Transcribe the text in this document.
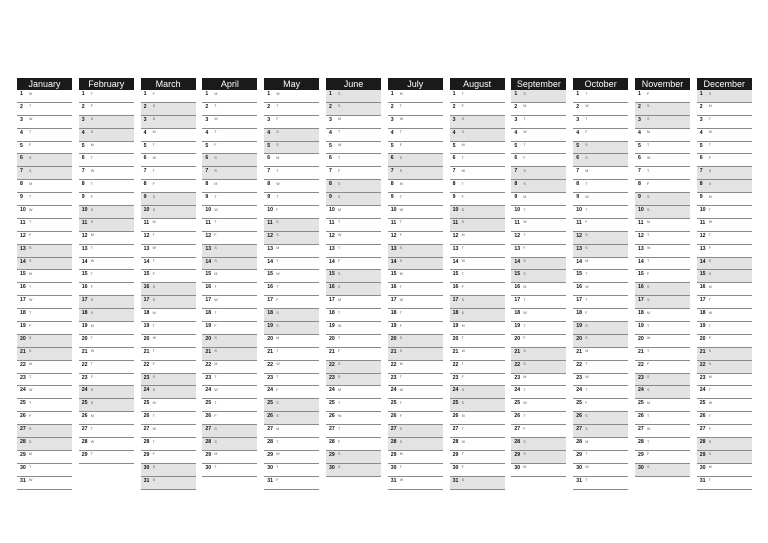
January
1 M
2 T
3 W
4 T
5 F
6 S
7 S
8 M
9 T
10 W
11 T
12 F
13 S
14 S
15 M
16 T
17 W
18 T
19 F
20 S
21 S
22 M
23 T
24 W
25 T
26 F
27 S
28 S
29 M
30 T
31 W
February
1 T
2 F
3 S
4 S
5 M
6 T
7 W
8 T
9 F
10 S
11 S
12 M
13 T
14 W
15 T
16 F
17 S
18 S
19 M
20 T
21 W
22 T
23 F
24 S
25 S
26 M
27 T
28 W
29 T
March
1 F
2 S
3 S
4 M
5 T
6 W
7 T
8 F
9 S
10 S
11 M
12 T
13 W
14 T
15 F
16 S
17 S
18 M
19 T
20 W
21 T
22 F
23 S
24 S
25 M
26 T
27 W
28 T
29 F
30 S
31 S
April
1 M
2 T
3 W
4 T
5 F
6 S
7 S
8 M
9 T
10 W
11 T
12 F
13 S
14 S
15 M
16 T
17 W
18 T
19 F
20 S
21 S
22 M
23 T
24 W
25 T
26 F
27 S
28 S
29 M
30 T
May
1 W
2 T
3 F
4 S
5 S
6 M
7 T
8 W
9 T
10 F
11 S
12 S
13 M
14 T
15 W
16 T
17 F
18 S
19 S
20 M
21 T
22 W
23 T
24 F
25 S
26 S
27 M
28 T
29 W
30 T
31 F
June
1 S
2 S
3 M
4 T
5 W
6 T
7 F
8 S
9 S
10 M
11 T
12 W
13 T
14 F
15 S
16 S
17 M
18 T
19 W
20 T
21 F
22 S
23 S
24 M
25 T
26 W
27 T
28 F
29 S
30 S
July
1 M
2 T
3 W
4 T
5 F
6 S
7 S
8 M
9 T
10 W
11 T
12 F
13 S
14 S
15 M
16 T
17 W
18 T
19 F
20 S
21 S
22 M
23 T
24 W
25 T
26 F
27 S
28 S
29 M
30 T
31 W
August
1 T
2 F
3 S
4 S
5 M
6 T
7 W
8 T
9 F
10 S
11 S
12 M
13 T
14 W
15 T
16 F
17 S
18 S
19 M
20 T
21 W
22 T
23 F
24 S
25 S
26 M
27 T
28 W
29 T
30 F
31 S
September
1 S
2 M
3 T
4 W
5 T
6 F
7 S
8 S
9 M
10 T
11 W
12 T
13 F
14 S
15 S
16 M
17 T
18 W
19 T
20 F
21 S
22 S
23 M
24 T
25 W
26 T
27 F
28 S
29 S
30 M
October
1 T
2 W
3 T
4 F
5 S
6 S
7 M
8 T
9 W
10 T
11 F
12 S
13 S
14 M
15 T
16 W
17 T
18 F
19 S
20 S
21 M
22 T
23 W
24 T
25 F
26 S
27 S
28 M
29 T
30 W
31 T
November
1 F
2 S
3 S
4 M
5 T
6 W
7 T
8 F
9 S
10 S
11 M
12 T
13 W
14 T
15 F
16 S
17 S
18 M
19 T
20 W
21 T
22 F
23 S
24 S
25 M
26 T
27 W
28 T
29 F
30 S
December
1 S
2 M
3 T
4 W
5 T
6 F
7 S
8 S
9 M
10 T
11 W
12 T
13 F
14 S
15 S
16 M
17 T
18 W
19 T
20 F
21 S
22 S
23 M
24 T
25 W
26 T
27 F
28 S
29 S
30 M
31 T
